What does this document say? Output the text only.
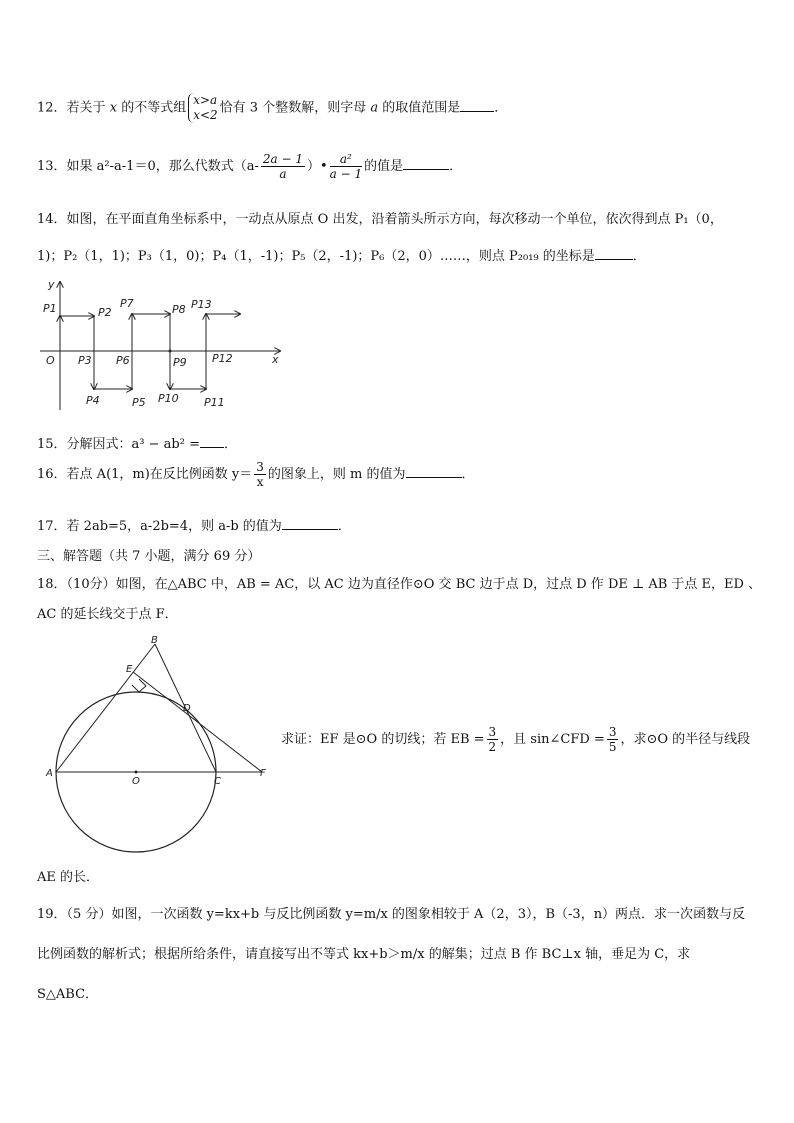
12．若关于 x 的不等式组
x>a
x<2 恰有 3 个整数解，则字母 a 的取值范围是	．
13．如果 a²-a-1＝0，那么代数式（$a- \frac{2a - 1}{a}$ ）• $\frac{\text{a²}}{a - 1}$ 的值是	．
14．如图，在平面直角坐标系中，一动点从原点 O 出发，沿着箭头所示方向，每次移动一个单位，依次得到点 P₁（0，
1)；P₂（1，1)；P₃（1，0)；P₄（1，-1)；P₅（2，-1)；P₆（2，0）……，则点 P₂₀₁₉ 的坐标是	．
y
x
O
P1	P2
P3
P4	P5
P6
P7	P8
P9
P10 P11
P12
P13
15．分解因式：a³ − ab² = ．
16．若点 A(1，m)在反比例函数 $y= \frac{3}{x}$ 的图象上，则 m 的值为	．
17．若 2ab=5，a-2b=4，则 a-b 的值为	．
三、解答题（共 7 小题，满分 69 分）
18．（10分）如图，在△ABC 中，AB = AC，以 AC 边为直径作⊙O 交 BC 边于点 D，过点 D 作 DE ⊥ AB 于点 E，ED 、
AC 的延长线交于点 F．
B
E
D
A
O	C
F
求证：EF 是⊙O 的切线；若 EB = $\frac{3}{2}$ ，且 sin∠CFD = $\frac{3}{5}$ ，求⊙O 的半径与线段
AE 的长．
19．（5 分）如图，一次函数 y=kx+b 与反比例函数 y=m/x 的图象相较于 A（2，3），B（-3，n）两点．求一次函数与反
比例函数的解析式；根据所给条件，请直接写出不等式 kx+b＞m/x 的解集；过点 B 作 BC⊥x 轴，垂足为 C，求
S△ABC．
